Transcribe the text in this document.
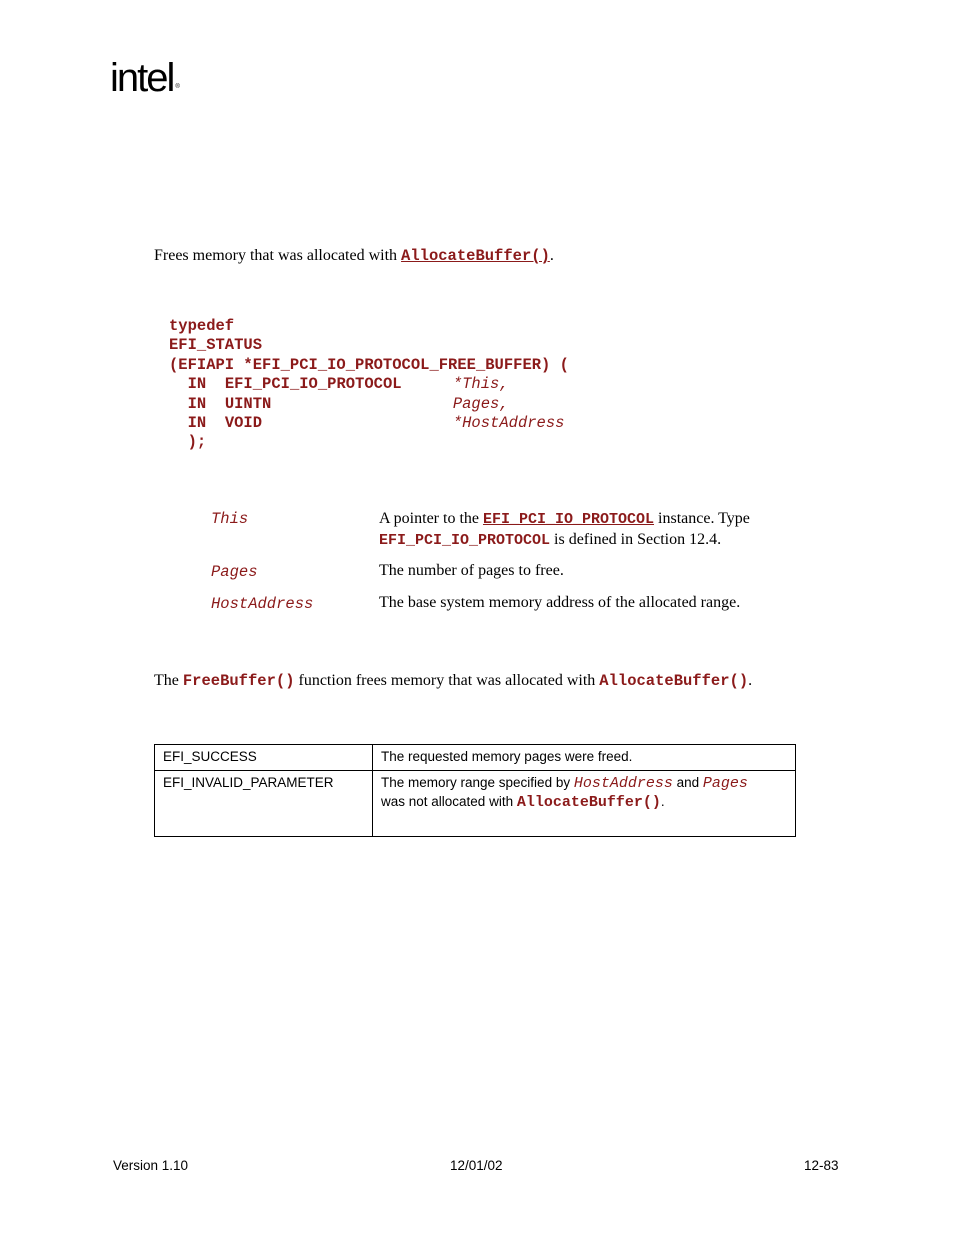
intel ®
Frees memory that was allocated with AllocateBuffer().
typedef
EFI_STATUS
(EFIAPI *EFI_PCI_IO_PROTOCOL_FREE_BUFFER) (
IN EFI_PCI_IO_PROTOCOL	*This,
IN UINTN	Pages,
IN VOID	*HostAddress
);
This	A pointer to the EFI_PCI_IO_PROTOCOL instance. Type EFI_PCI_IO_PROTOCOL is defined in Section 12.4.
Pages	The number of pages to free.
HostAddress	The base system memory address of the allocated range.
The FreeBuffer() function frees memory that was allocated with AllocateBuffer().
EFI_SUCCESS	The requested memory pages were freed.
EFI_INVALID_PARAMETER	The memory range specified by HostAddress and Pages
was not allocated with AllocateBuffer().
Version 1.10	12/01/02	12-83
